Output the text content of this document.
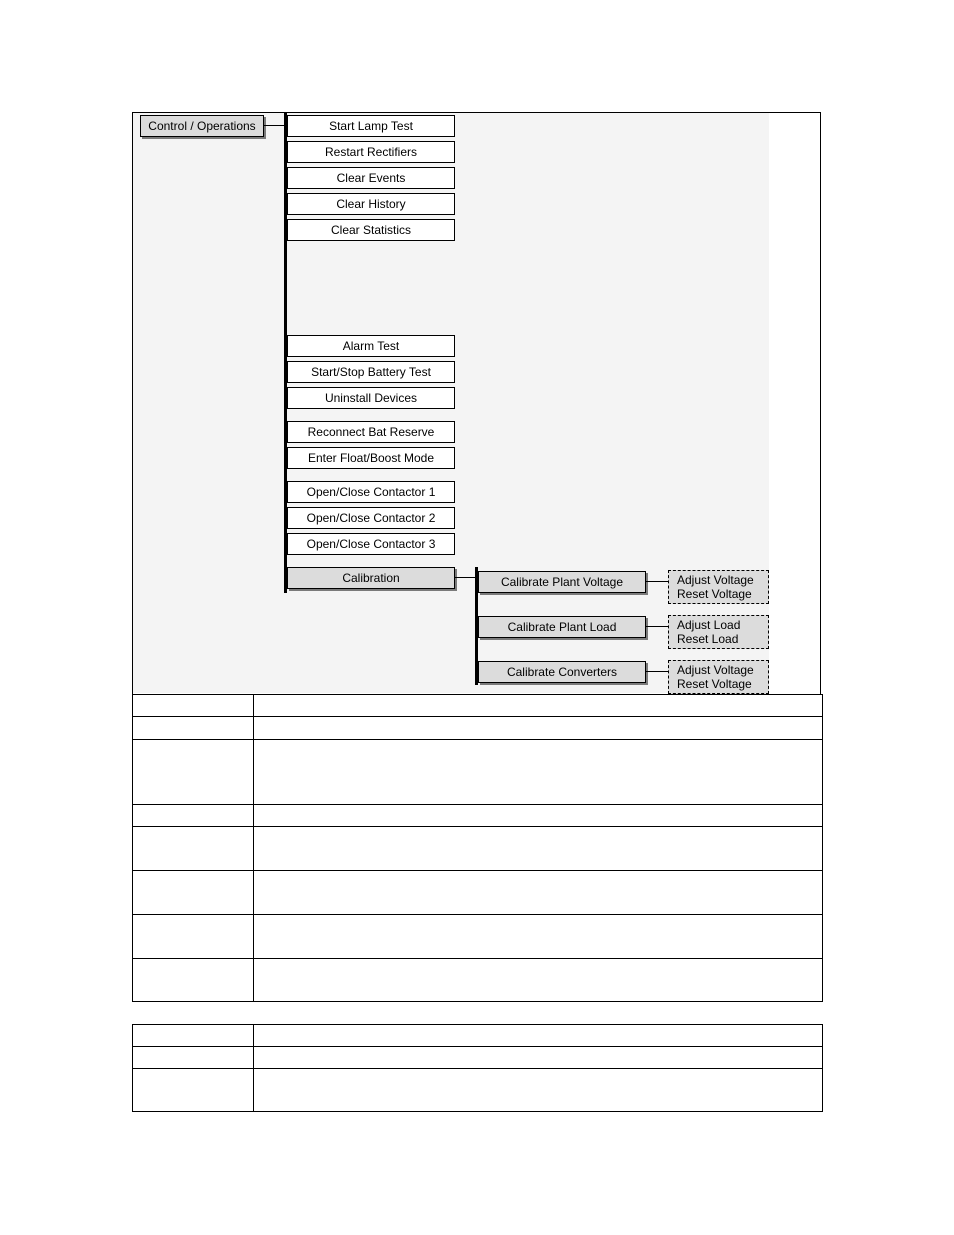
Control / Operations	Start Lamp Test
Restart Rectifiers
Clear Events
Clear History
Clear Statistics
Alarm Test
Start/Stop Battery Test
Uninstall Devices
Reconnect Bat Reserve
Enter Float/Boost Mode
Open/Close Contactor 1
Open/Close Contactor 2
Open/Close Contactor 3
Calibration	Calibrate Plant Voltage	Adjust Voltage
Reset Voltage
Calibrate Plant Load	Adjust Load
Reset Load
Calibrate Converters	Adjust Voltage
Reset Voltage
